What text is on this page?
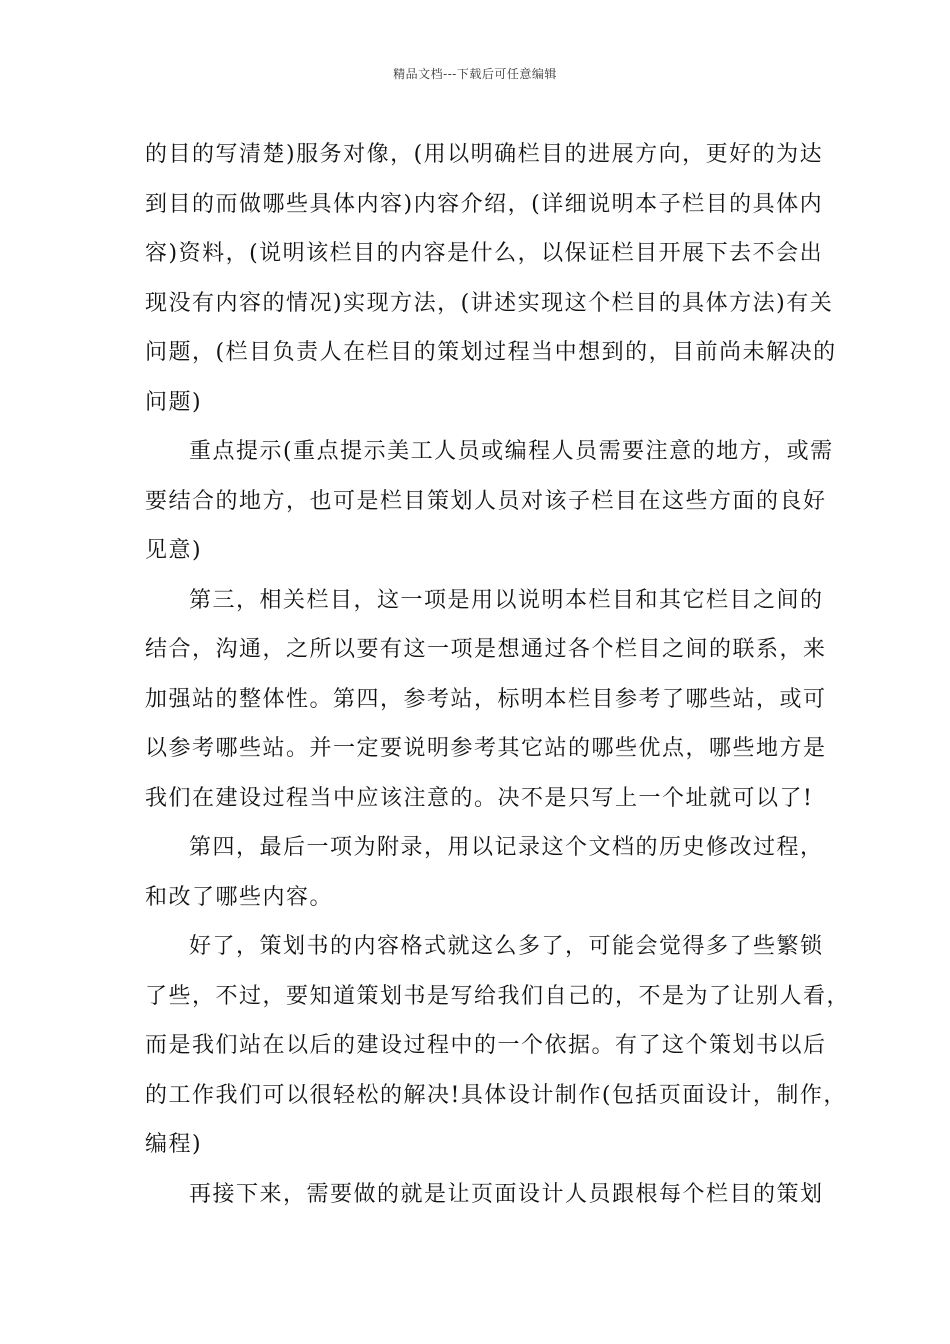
精品文档---下载后可任意编辑
的目的写清楚)服务对像，(用以明确栏目的进展方向，更好的为达
到目的而做哪些具体内容)内容介绍，(详细说明本子栏目的具体内
容)资料，(说明该栏目的内容是什么，以保证栏目开展下去不会出
现没有内容的情况)实现方法，(讲述实现这个栏目的具体方法)有关
问题，(栏目负责人在栏目的策划过程当中想到的，目前尚未解决的
问题)
重点提示(重点提示美工人员或编程人员需要注意的地方，或需
要结合的地方，也可是栏目策划人员对该子栏目在这些方面的良好
见意)
第三，相关栏目，这一项是用以说明本栏目和其它栏目之间的
结合，沟通，之所以要有这一项是想通过各个栏目之间的联系，来
加强站的整体性。第四，参考站，标明本栏目参考了哪些站，或可
以参考哪些站。并一定要说明参考其它站的哪些优点，哪些地方是
我们在建设过程当中应该注意的。决不是只写上一个址就可以了!
第四，最后一项为附录，用以记录这个文档的历史修改过程，
和改了哪些内容。
好了，策划书的内容格式就这么多了，可能会觉得多了些繁锁
了些，不过，要知道策划书是写给我们自己的，不是为了让别人看，
而是我们站在以后的建设过程中的一个依据。有了这个策划书以后
的工作我们可以很轻松的解决!具体设计制作(包括页面设计，制作，
编程)
再接下来，需要做的就是让页面设计人员跟根每个栏目的策划
